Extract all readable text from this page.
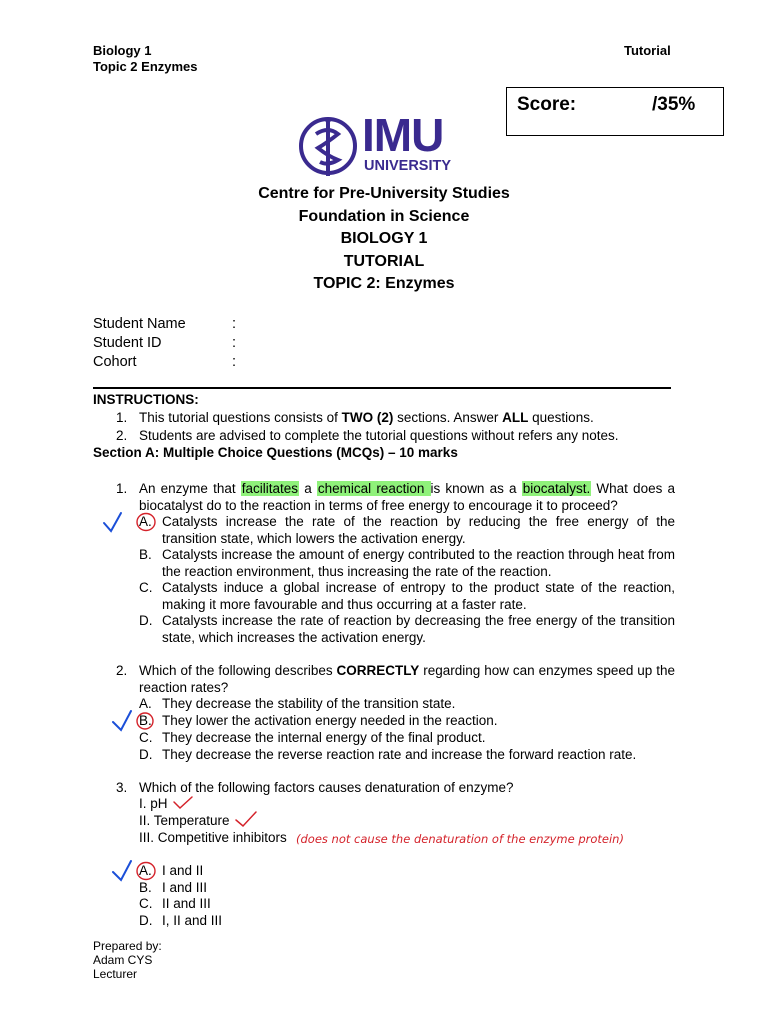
Biology 1
Topic 2 Enzymes
Tutorial
Score:	/35%
IMU
UNIVERSITY
Centre for Pre-University Studies
Foundation in Science
BIOLOGY 1
TUTORIAL
TOPIC 2: Enzymes
Student Name	:
Student ID	:
Cohort	:
INSTRUCTIONS:
1. This tutorial questions consists of TWO (2) sections. Answer ALL questions.
2. Students are advised to complete the tutorial questions without refers any notes.
Section A: Multiple Choice Questions (MCQs) – 10 marks
1. An enzyme that facilitates a chemical reaction is known as a biocatalyst. What does a biocatalyst do to the reaction in terms of free energy to encourage it to proceed?
A. Catalysts increase the rate of the reaction by reducing the free energy of the transition state, which lowers the activation energy.
B. Catalysts increase the amount of energy contributed to the reaction through heat from the reaction environment, thus increasing the rate of the reaction.
C. Catalysts induce a global increase of entropy to the product state of the reaction, making it more favourable and thus occurring at a faster rate.
D. Catalysts increase the rate of reaction by decreasing the free energy of the transition state, which increases the activation energy.
2. Which of the following describes CORRECTLY regarding how can enzymes speed up the reaction rates?
A. They decrease the stability of the transition state.
B. They lower the activation energy needed in the reaction.
C. They decrease the internal energy of the final product.
D. They decrease the reverse reaction rate and increase the forward reaction rate.
3. Which of the following factors causes denaturation of enzyme?
I. pH
II. Temperature
III. Competitive inhibitors (does not cause the denaturation of the enzyme protein)
A. I and II
B. I and III
C. II and III
D. I, II and III
Prepared by:
Adam CYS
Lecturer
